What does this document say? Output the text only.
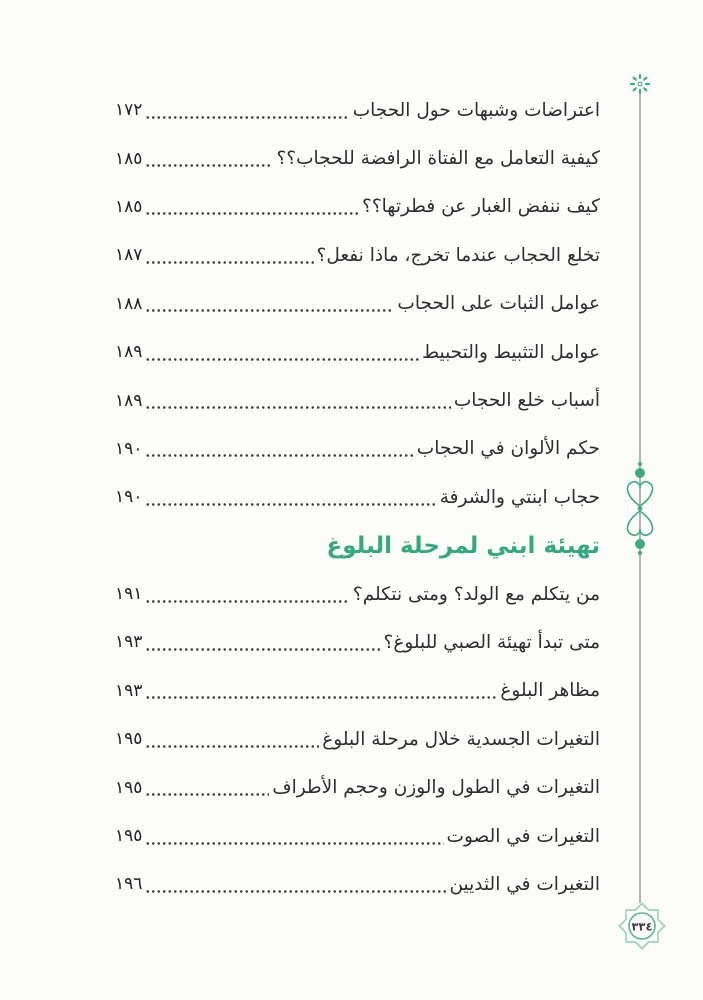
٣٣٤
اعتراضات وشبهات حول الحجاب
١٧٢
كيفية التعامل مع الفتاة الرافضة للحجاب؟؟
١٨٥
كيف ننفض الغبار عن فطرتها؟؟
١٨٥
تخلع الحجاب عندما تخرج، ماذا نفعل؟
١٨٧
عوامل الثبات على الحجاب
١٨٨
عوامل التثبيط والتحبيط
١٨٩
أسباب خلع الحجاب
١٨٩
حكم الألوان في الحجاب
١٩٠
حجاب ابنتي والشرفة
١٩٠
تهيئة ابني لمرحلة البلوغ
من يتكلم مع الولد؟ ومتى نتكلم؟
١٩١
متى تبدأ تهيئة الصبي للبلوغ؟
١٩٣
مظاهر البلوغ
١٩٣
التغيرات الجسدية خلال مرحلة البلوغ
١٩٥
التغيرات في الطول والوزن وحجم الأطراف
١٩٥
التغيرات في الصوت
١٩٥
التغيرات في الثديين
١٩٦
